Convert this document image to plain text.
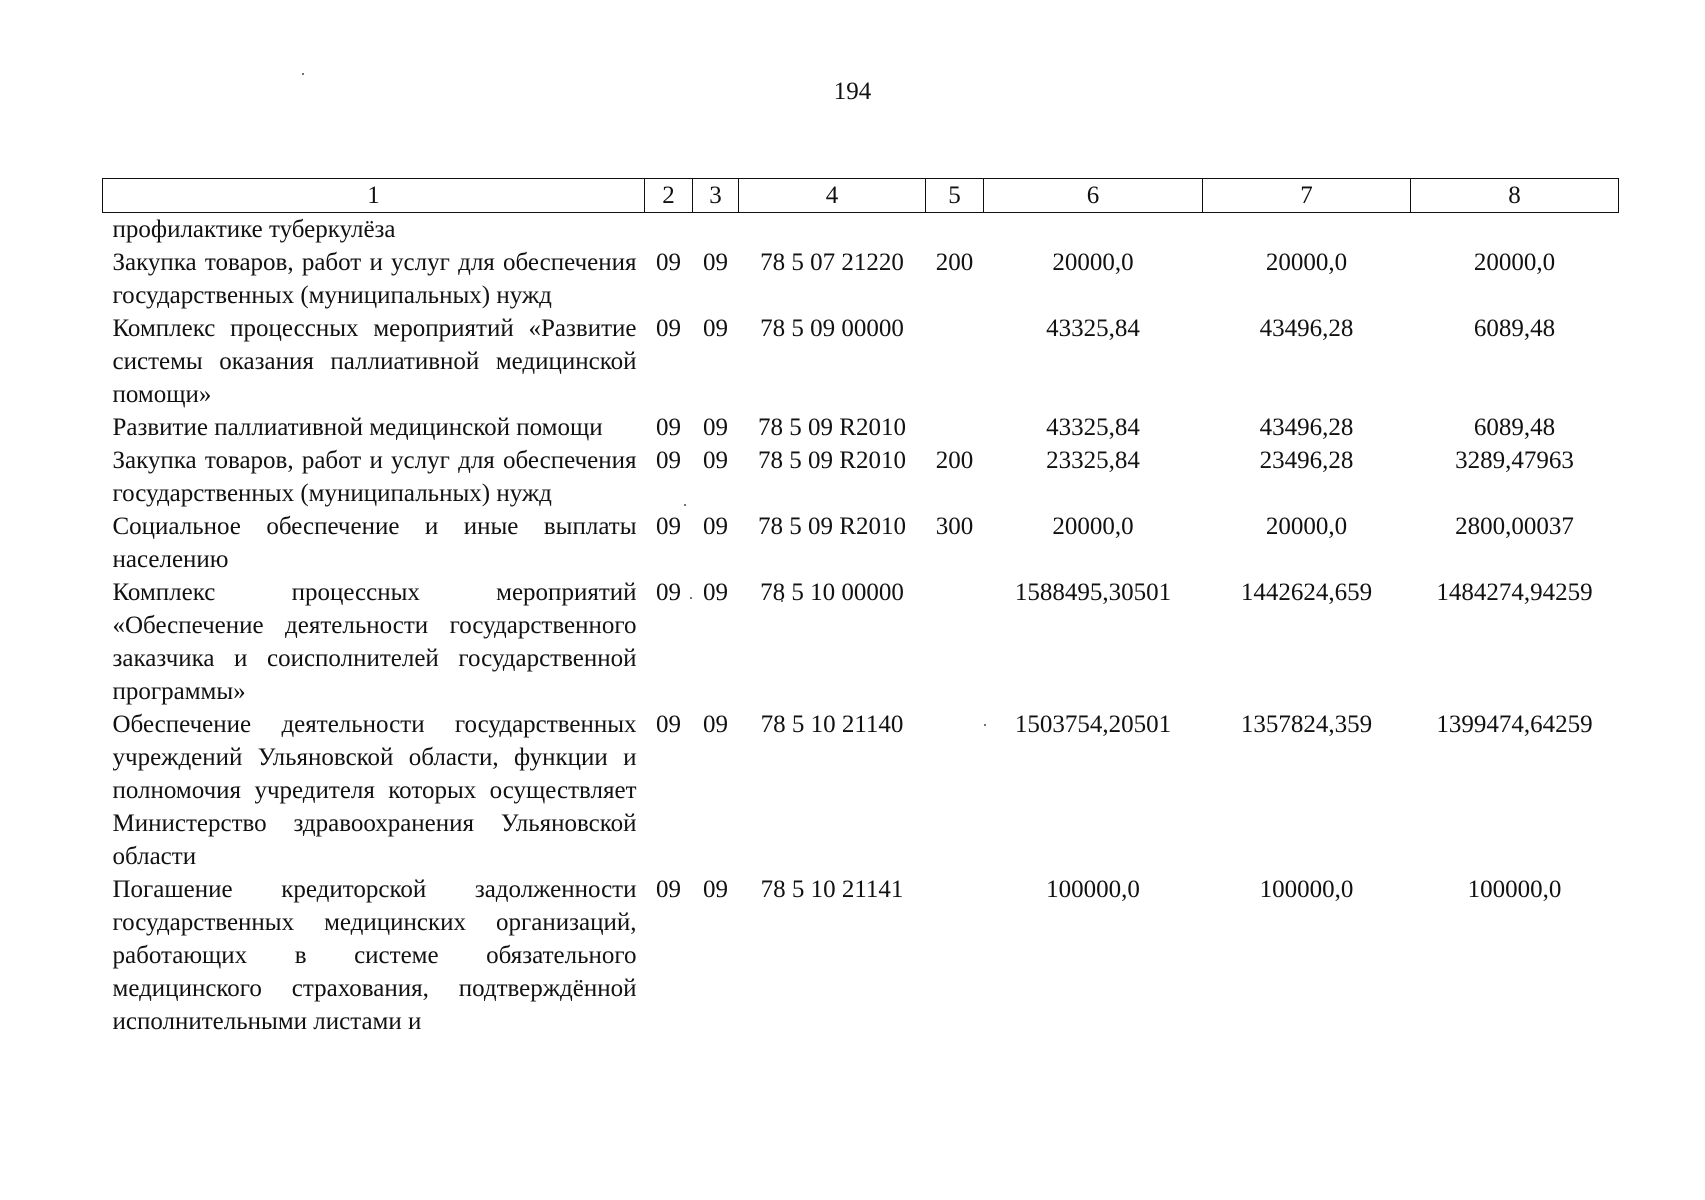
194
1	2	3	4	5	6	7	8
профилактике туберкулёза							
Закупка товаров, работ и услуг для обеспечения государственных (муниципальных) нужд	09	09	78 5 07 21220	200	20000,0	20000,0	20000,0
Комплекс процессных мероприятий «Развитие системы оказания паллиативной медицинской помощи»	09	09	78 5 09 00000		43325,84	43496,28	6089,48
Развитие паллиативной медицинской помощи	09	09	78 5 09 R2010		43325,84	43496,28	6089,48
Закупка товаров, работ и услуг для обеспечения государственных (муниципальных) нужд	09	09	78 5 09 R2010	200	23325,84	23496,28	3289,47963
Социальное обеспечение и иные выплаты населению	09	09	78 5 09 R2010	300	20000,0	20000,0	2800,00037
Комплекс процессных мероприятий «Обеспечение деятельности государственного заказчика и соисполнителей государственной программы»	09	09	78 5 10 00000		1588495,30501	1442624,659	1484274,94259
Обеспечение деятельности государственных учреждений Ульяновской области, функции и полномочия учредителя которых осуществляет Министерство здравоохранения Ульяновской области	09	09	78 5 10 21140		1503754,20501	1357824,359	1399474,64259
Погашение кредиторской задолженности государственных медицинских организаций, работающих в системе обязательного медицинского страхования, подтверждённой исполнительными листами и	09	09	78 5 10 21141		100000,0	100000,0	100000,0
